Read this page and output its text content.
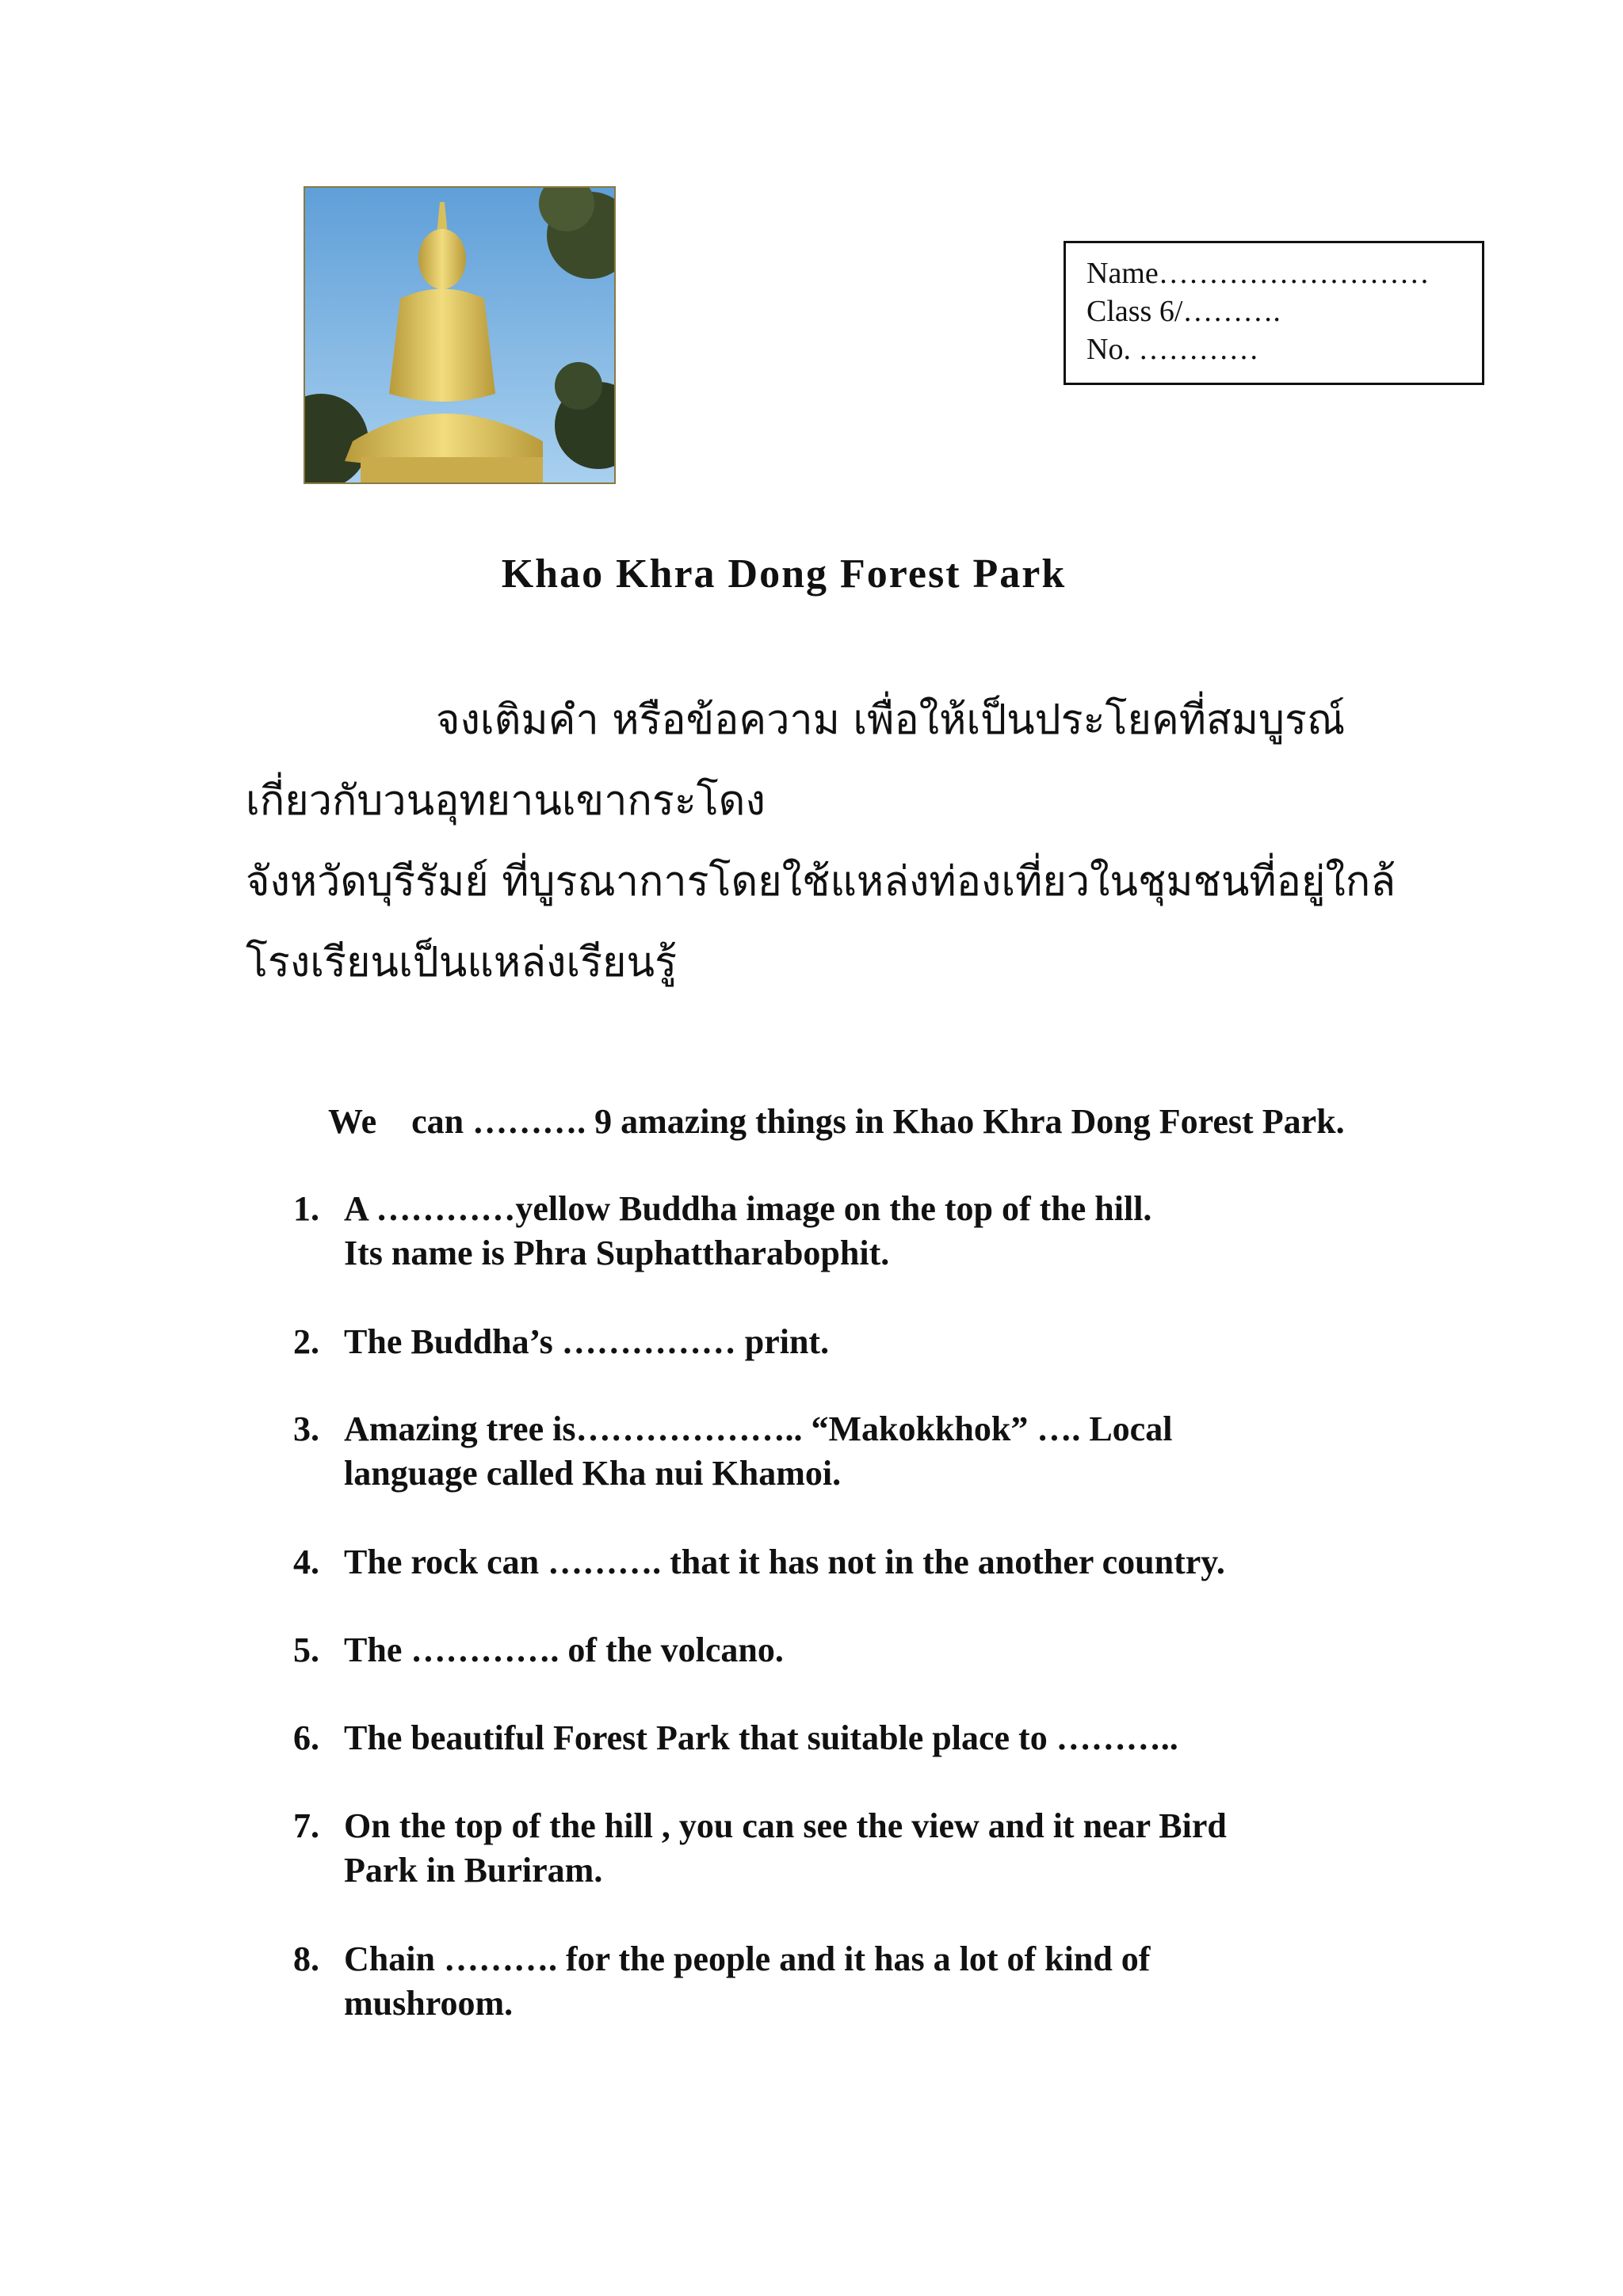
Name………………………
Class 6/……….
No. …………
Khao Khra Dong Forest Park
จงเติมคำ หรือข้อความ เพื่อให้เป็นประโยคที่สมบูรณ์
เกี่ยวกับวนอุทยานเขากระโดง
จังหวัดบุรีรัมย์ ที่บูรณาการโดยใช้แหล่งท่องเที่ยวในชุมชนที่อยู่ใกล้
โรงเรียนเป็นแหล่งเรียนรู้
We    can ………. 9 amazing things in Khao Khra Dong Forest Park.
1. A …………yellow Buddha image on the top of the hill.
Its name is Phra Suphattharabophit.
2. The Buddha’s …………… print.
3. Amazing tree is……………….. “Makokkhok” …. Local
language called Kha nui Khamoi.
4. The rock can ………. that it has not in the another country.
5. The …………. of the volcano.
6. The beautiful Forest Park that suitable place to ………..
7. On the top of the hill , you can see the view and it near Bird
Park in Buriram.
8. Chain ………. for the people and it has a lot of kind of
mushroom.
